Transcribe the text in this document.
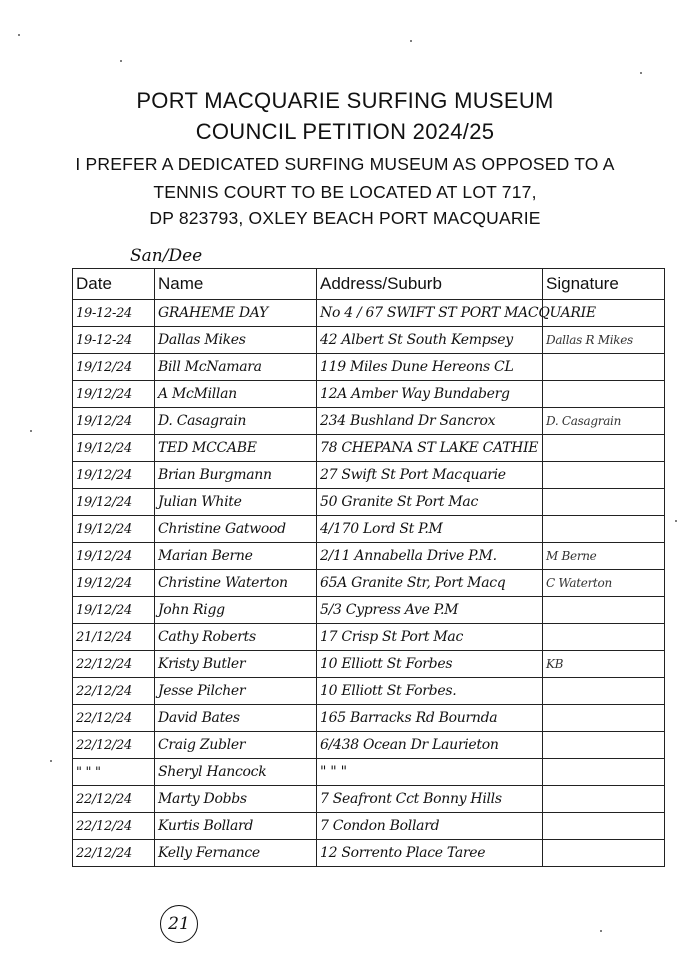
PORT MACQUARIE SURFING MUSEUM
COUNCIL PETITION 2024/25
I PREFER A DEDICATED SURFING MUSEUM AS OPPOSED TO A
TENNIS COURT TO BE LOCATED AT LOT 717,
DP 823793, OXLEY BEACH PORT MACQUARIE
San/Dee
Date	Name	Address/Suburb	Signature
19-12-24	GRAHEME DAY	No 4 / 67 SWIFT ST PORT MACQUARIE	
19-12-24	Dallas Mikes	42 Albert St South Kempsey	Dallas R Mikes
19/12/24	Bill McNamara	119 Miles Dune Hereons CL	
19/12/24	A McMillan	12A Amber Way Bundaberg	
19/12/24	D. Casagrain	234 Bushland Dr Sancrox	D. Casagrain
19/12/24	TED MCCABE	78 CHEPANA ST LAKE CATHIE	
19/12/24	Brian Burgmann	27 Swift St Port Macquarie	
19/12/24	Julian White	50 Granite St Port Mac	
19/12/24	Christine Gatwood	4/170 Lord St P.M	
19/12/24	Marian Berne	2/11 Annabella Drive P.M.	M Berne
19/12/24	Christine Waterton	65A Granite Str, Port Macq	C Waterton
19/12/24	John Rigg	5/3 Cypress Ave P.M	
21/12/24	Cathy Roberts	17 Crisp St Port Mac	
22/12/24	Kristy Butler	10 Elliott St Forbes	KB
22/12/24	Jesse Pilcher	10 Elliott St Forbes.	
22/12/24	David Bates	165 Barracks Rd Bournda	
22/12/24	Craig Zubler	6/438 Ocean Dr Laurieton	
" " "	Sheryl Hancock	" " "	
22/12/24	Marty Dobbs	7 Seafront Cct Bonny Hills	
22/12/24	Kurtis Bollard	7 Condon Bollard	
22/12/24	Kelly Fernance	12 Sorrento Place Taree	
21
